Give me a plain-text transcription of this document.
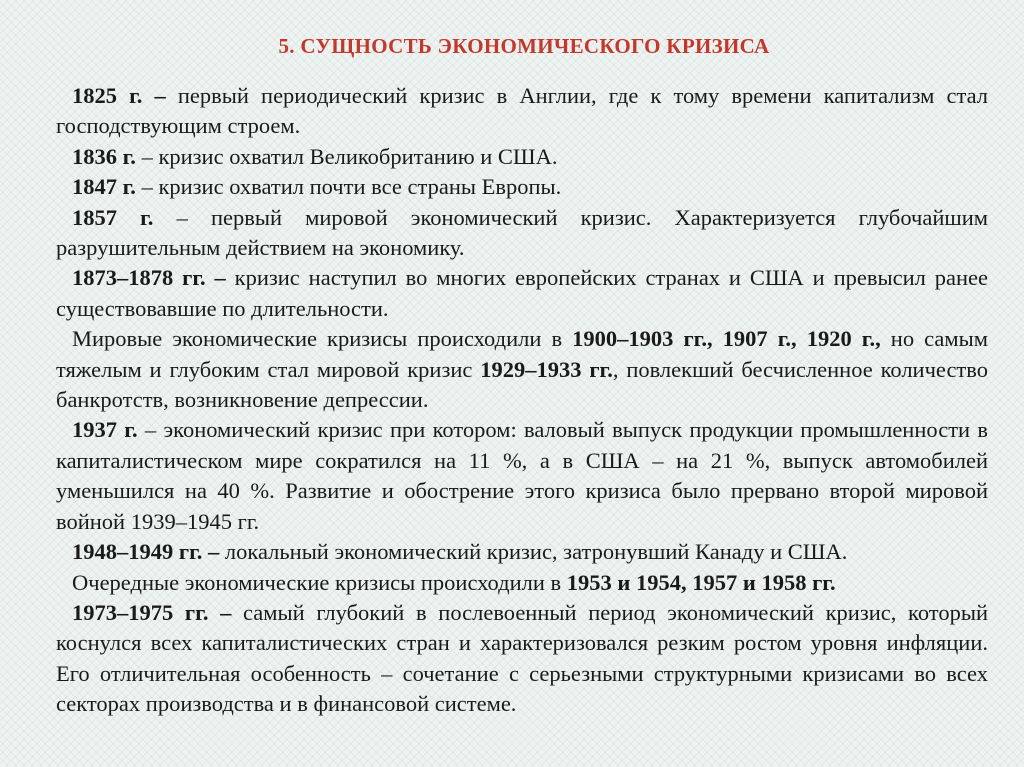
5. СУЩНОСТЬ ЭКОНОМИЧЕСКОГО КРИЗИСА

1825 г. – первый периодический кризис в Англии, где к тому времени капитализм стал господствующим строем.

1836 г. – кризис охватил Великобританию и США.

1847 г. – кризис охватил почти все страны Европы.

1857 г. – первый мировой экономический кризис. Характеризуется глубочайшим разрушительным действием на экономику.

1873–1878 гг. – кризис наступил во многих европейских странах и США и превысил ранее существовавшие по длительности.

Мировые экономические кризисы происходили в 1900–1903 гг., 1907 г., 1920 г., но самым тяжелым и глубоким стал мировой кризис 1929–1933 гг., повлекший бесчисленное количество банкротств, возникновение депрессии.

1937 г. – экономический кризис при котором: валовый выпуск продукции промышленности в капиталистическом мире сократился на 11 %, а в США – на 21 %, выпуск автомобилей уменьшился на 40 %. Развитие и обострение этого кризиса было прервано второй мировой войной 1939–1945 гг.

1948–1949 гг. – локальный экономический кризис, затронувший Канаду и США.

Очередные экономические кризисы происходили в 1953 и 1954, 1957 и 1958 гг.

1973–1975 гг. – самый глубокий в послевоенный период экономический кризис, который коснулся всех капиталистических стран и характеризовался резким ростом уровня инфляции. Его отличительная особенность – сочетание с серьезными структурными кризисами во всех секторах производства и в финансовой системе.
